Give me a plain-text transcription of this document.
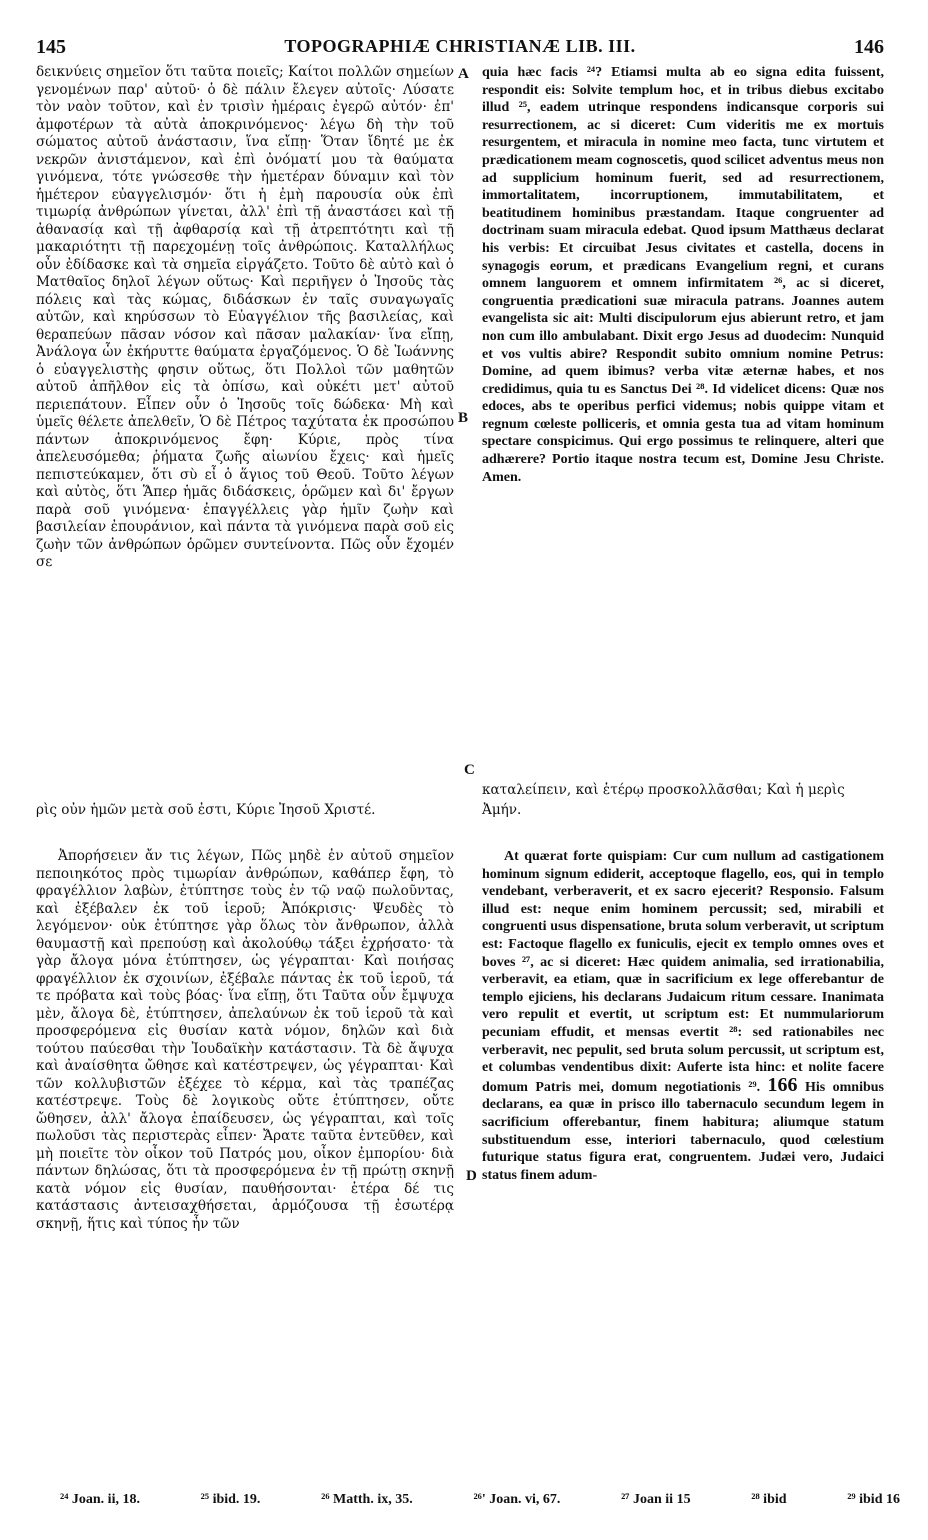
145	TOPOGRAPHIÆ CHRISTIANÆ LIB. III.	146

δεικνύεις σημεῖον ὅτι ταῦτα ποιεῖς; Καίτοι πολλῶν σημείων γενομένων παρ' αὐτοῦ· ὁ δὲ πάλιν ἔλεγεν αὐτοῖς· Λύσατε τὸν ναὸν τοῦτον, καὶ ἐν τρισὶν ἡμέραις ἐγερῶ αὐτόν· ἐπ' ἀμφοτέρων τὰ αὐτὰ ἀποκρινόμενος· λέγω δὴ τὴν τοῦ σώματος αὐτοῦ ἀνάστασιν, ἵνα εἴπῃ· Ὅταν ἴδητέ με ἐκ νεκρῶν ἀνιστάμενον, καὶ ἐπὶ ὀνόματί μου τὰ θαύματα γινόμενα, τότε γνώσεσθε τὴν ἡμετέραν δύναμιν καὶ τὸν ἡμέτερον εὐαγγελισμόν· ὅτι ἡ ἐμὴ παρουσία οὐκ ἐπὶ τιμωρίᾳ ἀνθρώπων γίνεται, ἀλλ' ἐπὶ τῇ ἀναστάσει καὶ τῇ ἀθανασίᾳ καὶ τῇ ἀφθαρσίᾳ καὶ τῇ ἀτρεπτότητι καὶ τῇ μακαριότητι τῇ παρεχομένῃ τοῖς ἀνθρώποις. Καταλλήλως οὖν ἐδίδασκε καὶ τὰ σημεῖα εἰργάζετο. Τοῦτο δὲ αὐτὸ καὶ ὁ Ματθαῖος δηλοῖ λέγων οὕτως· Καὶ περιῆγεν ὁ Ἰησοῦς τὰς πόλεις καὶ τὰς κώμας, διδάσκων ἐν ταῖς συναγωγαῖς αὐτῶν, καὶ κηρύσσων τὸ Εὐαγγέλιον τῆς βασιλείας, καὶ θεραπεύων πᾶσαν νόσον καὶ πᾶσαν μαλακίαν· ἵνα εἴπῃ, Ἀνάλογα ὧν ἐκήρυττε θαύματα ἐργαζόμενος. Ὁ δὲ Ἰωάννης ὁ εὐαγγελιστὴς φησιν οὕτως, ὅτι Πολλοὶ τῶν μαθητῶν αὐτοῦ ἀπῆλθον εἰς τὰ ὀπίσω, καὶ οὐκέτι μετ' αὐτοῦ περιεπάτουν. Εἶπεν οὖν ὁ Ἰησοῦς τοῖς δώδεκα· Μὴ καὶ ὑμεῖς θέλετε ἀπελθεῖν, Ὁ δὲ Πέτρος ταχύτατα ἐκ προσώπου πάντων ἀποκρινόμενος ἔφη· Κύριε, πρὸς τίνα ἀπελευσόμεθα; ῥήματα ζωῆς αἰωνίου ἔχεις· καὶ ἡμεῖς πεπιστεύκαμεν, ὅτι σὺ εἶ ὁ ἅγιος τοῦ Θεοῦ. Τοῦτο λέγων καὶ αὐτὸς, ὅτι Ἅπερ ἡμᾶς διδάσκεις, ὁρῶμεν καὶ δι' ἔργων παρὰ σοῦ γινόμενα· ἐπαγγέλλεις γὰρ ἡμῖν ζωὴν καὶ βασιλείαν ἐπουράνιον, καὶ πάντα τὰ γινόμενα παρὰ σοῦ εἰς ζωὴν τῶν ἀνθρώπων ὁρῶμεν συντείνοντα. Πῶς οὖν ἔχομέν σε

quia hæc facis ²⁴? Etiamsi multa ab eo signa edita fuissent, respondit eis: Solvite templum hoc, et in tribus diebus excitabo illud ²⁵, eadem utrinque respondens indicansque corporis sui resurrectionem, ac si diceret: Cum videritis me ex mortuis resurgentem, et miracula in nomine meo facta, tunc virtutem et prædicationem meam cognoscetis, quod scilicet adventus meus non ad supplicium hominum fuerit, sed ad resurrectionem, immortalitatem, incorruptionem, immutabilitatem, et beatitudinem hominibus præstandam. Itaque congruenter ad doctrinam suam miracula edebat. Quod ipsum Matthæus declarat his verbis: Et circuibat Jesus civitates et castella, docens in synagogis eorum, et prædicans Evangelium regni, et curans omnem languorem et omnem infirmitatem ²⁶, ac si diceret, congruentia prædicationi suæ miracula patrans. Joannes autem evangelista sic ait: Multi discipulorum ejus abierunt retro, et jam non cum illo ambulabant. Dixit ergo Jesus ad duodecim: Nunquid et vos vultis abire? Respondit subito omnium nomine Petrus: Domine, ad quem ibimus? verba vitæ æternæ habes, et nos credidimus, quia tu es Sanctus Dei ²⁸. Id videlicet dicens: Quæ nos edoces, abs te operibus perfici videmus; nobis quippe vitam et regnum cœleste polliceris, et omnia gesta tua ad vitam hominum spectare conspicimus. Qui ergo possimus te relinquere, alteri que adhærere? Portio itaque nostra tecum est, Domine Jesu Christe. Amen.

ρὶς οὖν ἡμῶν μετὰ σοῦ ἐστι, Κύριε Ἰησοῦ Χριστέ.
καταλείπειν, καὶ ἑτέρῳ προσκολλᾶσθαι; Καὶ ἡ μερὶς
Ἀμήν.

Ἀπορήσειεν ἄν τις λέγων, Πῶς μηδὲ ἐν αὐτοῦ σημεῖον πεποιηκότος πρὸς τιμωρίαν ἀνθρώπων, καθάπερ ἔφη, τὸ φραγέλλιον λαβὼν, ἐτύπτησε τοὺς ἐν τῷ ναῷ πωλοῦντας, καὶ ἐξέβαλεν ἐκ τοῦ ἱεροῦ; Ἀπόκρισις· Ψευδὲς τὸ λεγόμενον· οὐκ ἐτύπτησε γὰρ ὅλως τὸν ἄνθρωπον, ἀλλὰ θαυμαστῇ καὶ πρεπούσῃ καὶ ἀκολούθῳ τάξει ἐχρήσατο· τὰ γὰρ ἄλογα μόνα ἐτύπτησεν, ὡς γέγραπται· Καὶ ποιήσας φραγέλλιον ἐκ σχοινίων, ἐξέβαλε πάντας ἐκ τοῦ ἱεροῦ, τά τε πρόβατα καὶ τοὺς βόας· ἵνα εἴπῃ, ὅτι Ταῦτα οὖν ἔμψυχα μὲν, ἄλογα δὲ, ἐτύπτησεν, ἀπελαύνων ἐκ τοῦ ἱεροῦ τὰ καὶ προσφερόμενα εἰς θυσίαν κατὰ νόμον, δηλῶν καὶ διὰ τούτου παύεσθαι τὴν Ἰουδαϊκὴν κατάστασιν. Τὰ δὲ ἄψυχα καὶ ἀναίσθητα ὤθησε καὶ κατέστρεψεν, ὡς γέγραπται· Καὶ τῶν κολλυβιστῶν ἐξέχεε τὸ κέρμα, καὶ τὰς τραπέζας κατέστρεψε. Τοὺς δὲ λογικοὺς οὔτε ἐτύπτησεν, οὔτε ὤθησεν, ἀλλ' ἄλογα ἐπαίδευσεν, ὡς γέγραπται, καὶ τοῖς πωλοῦσι τὰς περιστερὰς εἶπεν· Ἄρατε ταῦτα ἐντεῦθεν, καὶ μὴ ποιεῖτε τὸν οἶκον τοῦ Πατρός μου, οἶκον ἐμπορίου· διὰ πάντων δηλώσας, ὅτι τὰ προσφερόμενα ἐν τῇ πρώτῃ σκηνῇ κατὰ νόμον εἰς θυσίαν, παυθήσονται· ἑτέρα δέ τις κατάστασις ἀντεισαχθήσεται, ἁρμόζουσα τῇ ἐσωτέρᾳ σκηνῇ, ἥτις καὶ τύπος ἦν τῶν

At quærat forte quispiam: Cur cum nullum ad castigationem hominum signum ediderit, acceptoque flagello, eos, qui in templo vendebant, verberaverit, et ex sacro ejecerit? Responsio. Falsum illud est: neque enim hominem percussit; sed, mirabili et congruenti usus dispensatione, bruta solum verberavit, ut scriptum est: Factoque flagello ex funiculis, ejecit ex templo omnes oves et boves ²⁷, ac si diceret: Hæc quidem animalia, sed irrationabilia, verberavit, ea etiam, quæ in sacrificium ex lege offerebantur de templo ejiciens, his declarans Judaicum ritum cessare. Inanimata vero repulit et evertit, ut scriptum est: Et nummulariorum pecuniam effudit, et mensas evertit ²⁸: sed rationabiles nec verberavit, nec pepulit, sed bruta solum percussit, ut scriptum est, et columbas vendentibus dixit: Auferte ista hinc: et nolite facere domum Patris mei, domum negotiationis ²⁹. 166 His omnibus declarans, ea quæ in prisco illo tabernaculo secundum legem in sacrificium offerebantur, finem habitura; aliumque statum substituendum esse, interiori tabernaculo, quod cœlestium futurique status figura erat, congruentem. Judæi vero, Judaici status finem adum-

A
B
C
D
²⁴ Joan. ii, 18.	²⁵ ibid. 19.	²⁶ Matth. ix, 35.	²⁶' Joan. vi, 67.	²⁷ Joan ii 15	²⁸ ibid	²⁹ ibid 16
